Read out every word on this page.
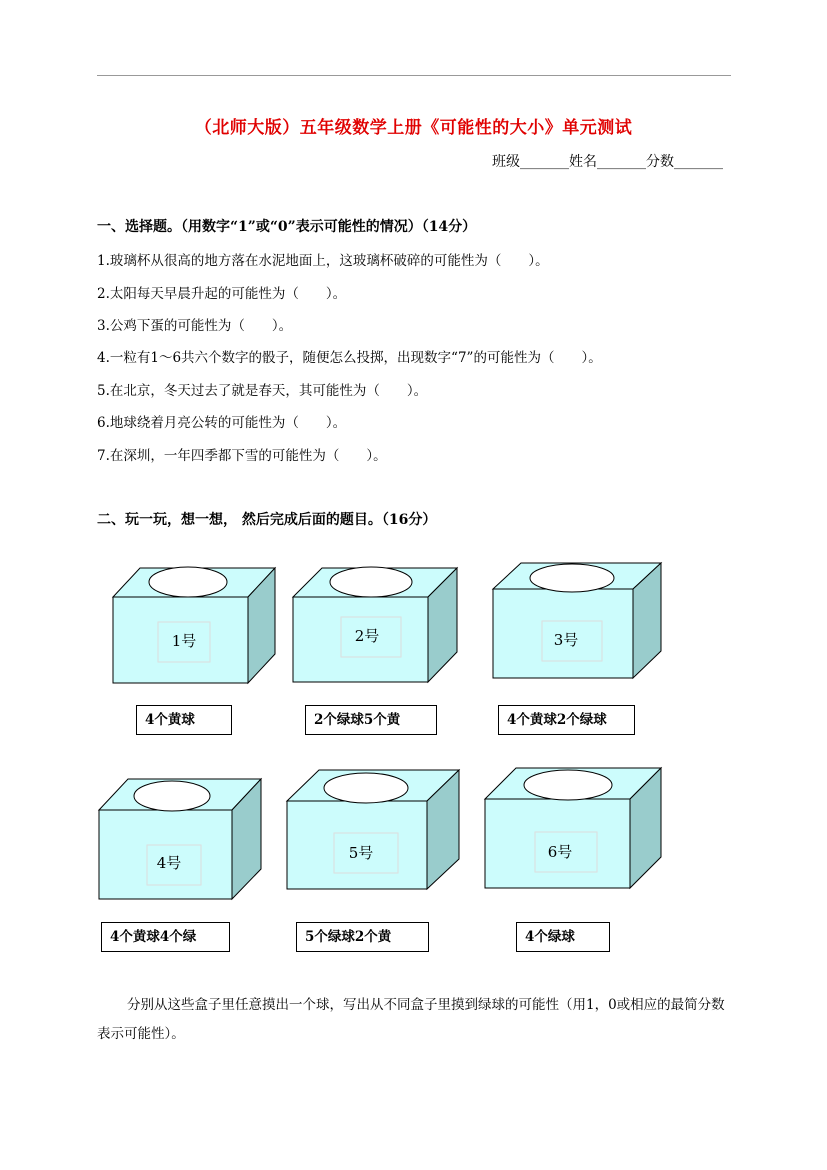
（北师大版）五年级数学上册《可能性的大小》单元测试
班级_______姓名_______分数_______
一、选择题。（用数字“1”或“0”表示可能性的情况）（14分）
1.玻璃杯从很高的地方落在水泥地面上，这玻璃杯破碎的可能性为（　　）。
2.太阳每天早晨升起的可能性为（　　）。
3.公鸡下蛋的可能性为（　　）。
4.一粒有1～6共六个数字的骰子，随便怎么投掷，出现数字“7”的可能性为（　　）。
5.在北京，冬天过去了就是春天，其可能性为（　　）。
6.地球绕着月亮公转的可能性为（　　）。
7.在深圳，一年四季都下雪的可能性为（　　）。
二、玩一玩，想一想， 然后完成后面的题目。（16分）
1号
4个黄球
2号
2个绿球5个黄
3号
4个黄球2个绿球
4号
4个黄球4个绿
5号
5个绿球2个黄
6号
4个绿球
分别从这些盒子里任意摸出一个球，写出从不同盒子里摸到绿球的可能性（用1，0或相应的最简分数表示可能性）。
